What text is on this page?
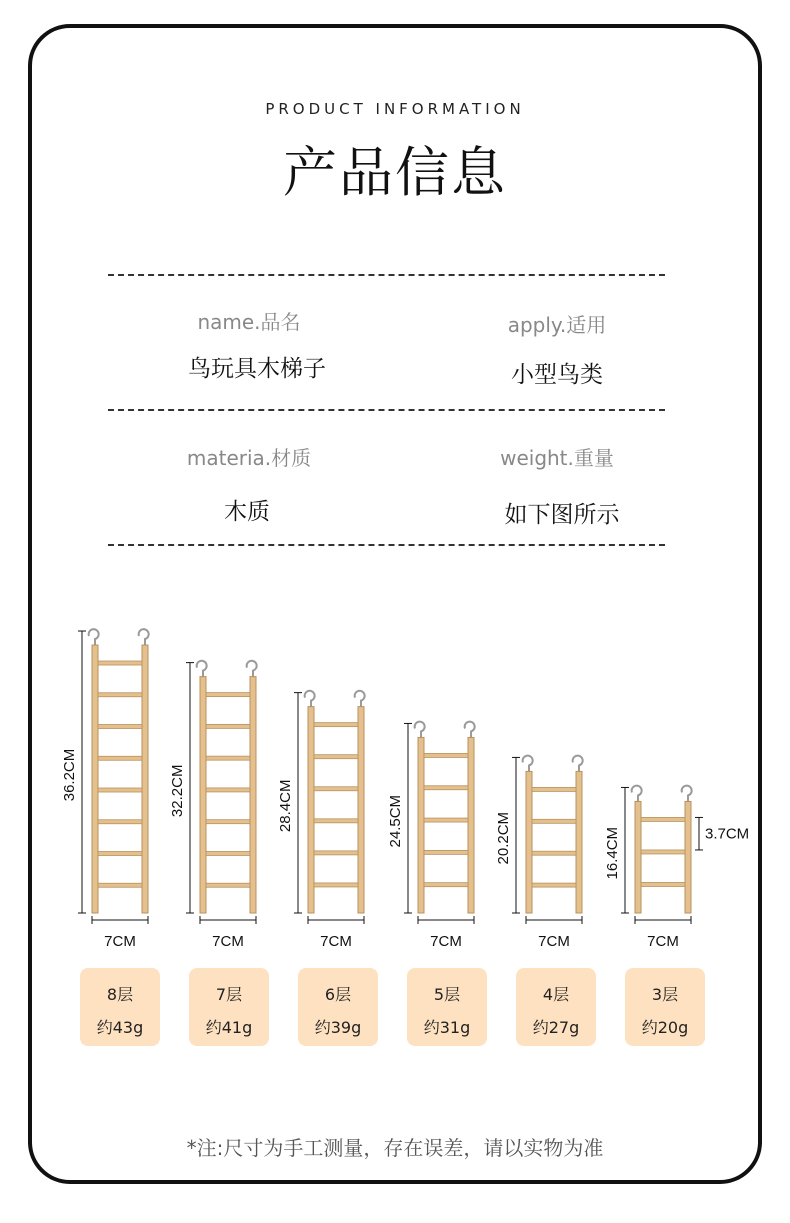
PRODUCT INFORMATION
产品信息
name.品名	apply.适用
鸟玩具木梯子	小型鸟类
materia.材质	weight.重量
木质	如下图所示
36.2CM
7CM
32.2CM
7CM
28.4CM
7CM
24.5CM
7CM
20.2CM
7CM
16.4CM
7CM
3.7CM
8层
约43g
7层
约41g
6层
约39g
5层
约31g
4层
约27g
3层
约20g
*注:尺寸为手工测量，存在误差，请以实物为准
